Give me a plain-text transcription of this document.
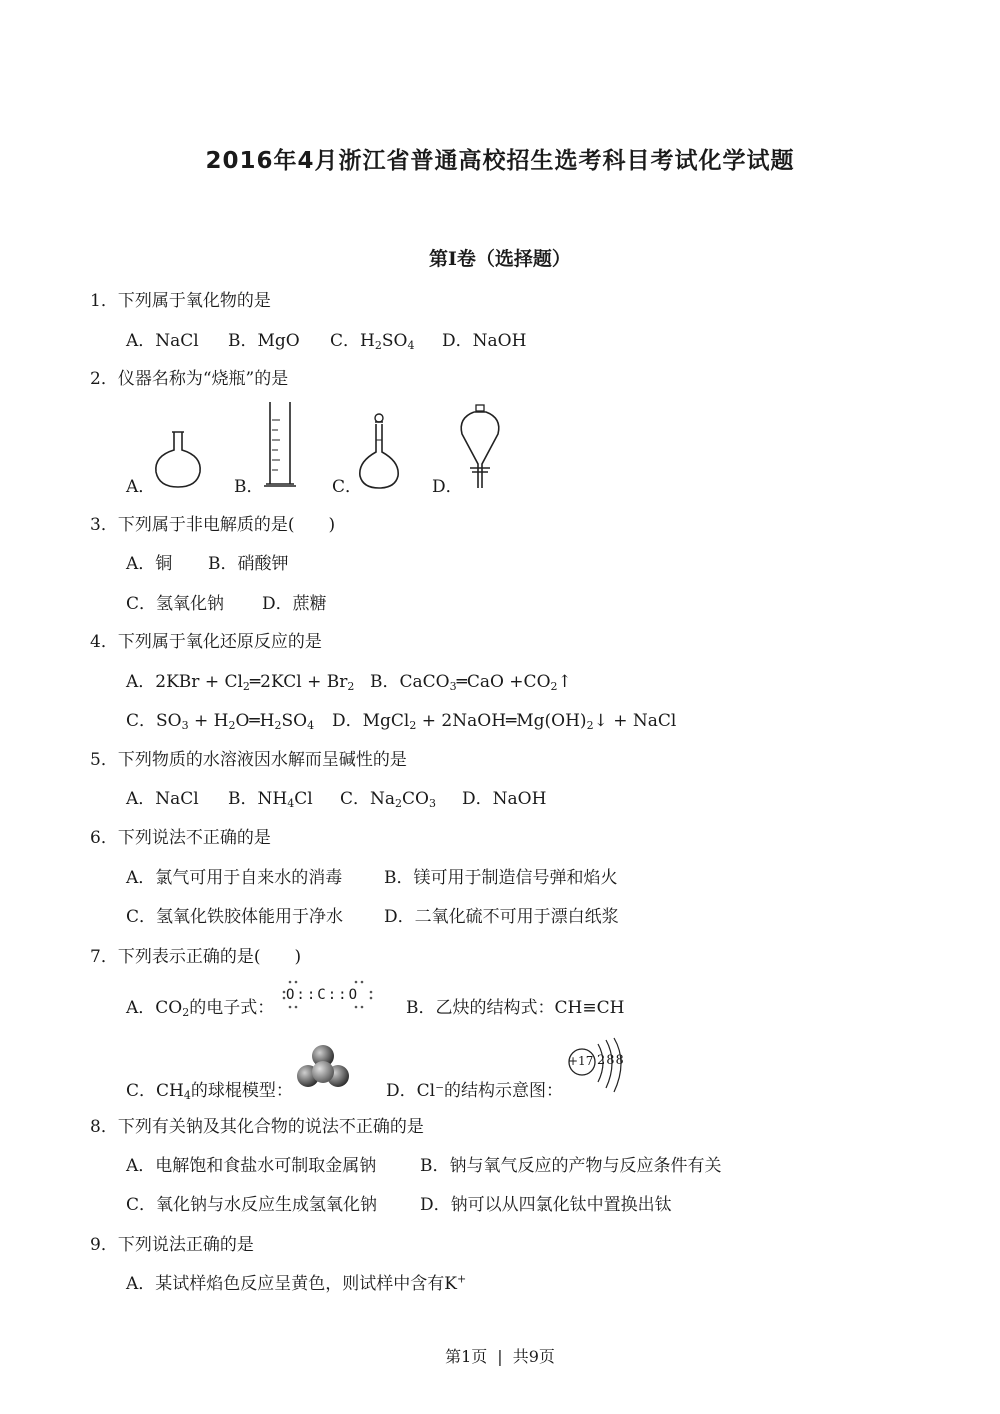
2016年4月浙江省普通高校招生选考科目考试化学试题
第Ⅰ卷（选择题）
1．下列属于氧化物的是
A．NaCl B．MgO C．$H_2SO_4$ D．NaOH
2．仪器名称为“烧瓶”的是
A．	B．	C．	D．
3．下列属于非电解质的是(　　)
A．铜 B．硝酸钾
C．氢氧化钠 D．蔗糖
4．下列属于氧化还原反应的是
A．$2KBr + Cl_2═2KCl + Br_2$ B．CaCO$_3$═CaO $+CO_2↑$
C．$SO_3$ + $H_2O═H_2SO_4$ D．MgCl$_2$ + $2NaOH═Mg(OH)_2↓$ + NaCl
5．下列物质的水溶液因水解而呈碱性的是
A．NaCl B．$NH_4Cl$ C．$Na_2CO_3$ D．NaOH
6．下列说法不正确的是
A．氯气可用于自来水的消毒 B．镁可用于制造信号弹和焰火
C．氢氧化铁胶体能用于净水 D．二氧化硫不可用于漂白纸浆
7．下列表示正确的是(　　)
A．$CO_2$的电子式：
O::C::O
B．乙炔的结构式：CH≡CH
C．$CH_4$的球棍模型：	D．Cl⁻的结构示意图：
+17 288
8．下列有关钠及其化合物的说法不正确的是
A．电解饱和食盐水可制取金属钠	B．钠与氧气反应的产物与反应条件有关
C．氧化钠与水反应生成氢氧化钠	D．钠可以从四氯化钛中置换出钛
9．下列说法正确的是
A．某试样焰色反应呈黄色，则试样中含有K+
第1页 | 共9页
